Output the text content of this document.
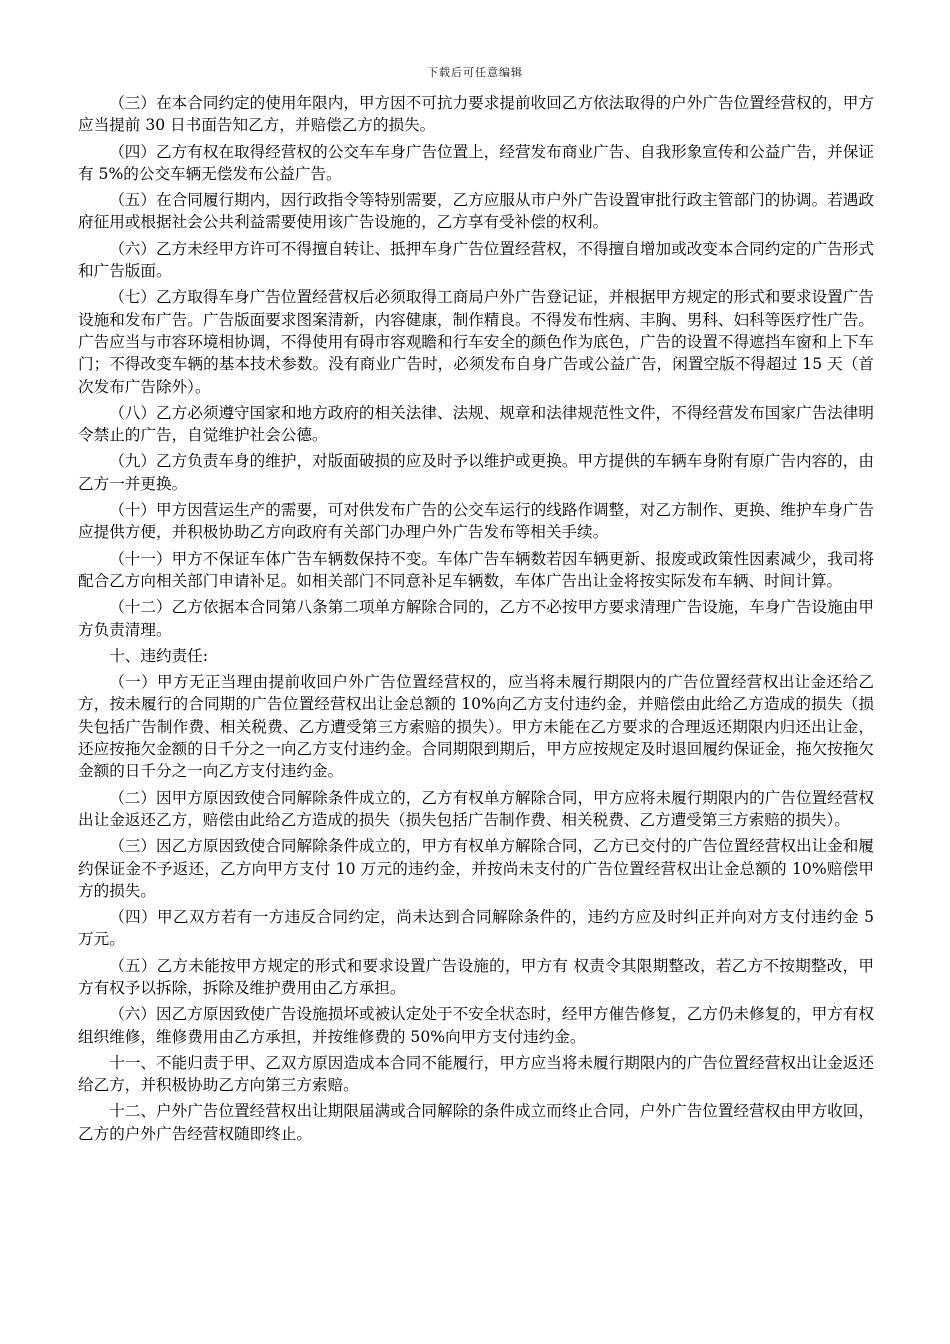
下载后可任意编辑

（三）在本合同约定的使用年限内，甲方因不可抗力要求提前收回乙方依法取得的户外广告位置经营权的，甲方应当提前 30 日书面告知乙方，并赔偿乙方的损失。

（四）乙方有权在取得经营权的公交车车身广告位置上，经营发布商业广告、自我形象宣传和公益广告，并保证有 5%的公交车辆无偿发布公益广告。

（五）在合同履行期内，因行政指令等特别需要，乙方应服从市户外广告设置审批行政主管部门的协调。若遇政府征用或根据社会公共利益需要使用该广告设施的，乙方享有受补偿的权利。

（六）乙方未经甲方许可不得擅自转让、抵押车身广告位置经营权，不得擅自增加或改变本合同约定的广告形式和广告版面。

（七）乙方取得车身广告位置经营权后必须取得工商局户外广告登记证，并根据甲方规定的形式和要求设置广告设施和发布广告。广告版面要求图案清新，内容健康，制作精良。不得发布性病、丰胸、男科、妇科等医疗性广告。广告应当与市容环境相协调，不得使用有碍市容观瞻和行车安全的颜色作为底色，广告的设置不得遮挡车窗和上下车门；不得改变车辆的基本技术参数。没有商业广告时，必须发布自身广告或公益广告，闲置空版不得超过 15 天（首次发布广告除外）。

（八）乙方必须遵守国家和地方政府的相关法律、法规、规章和法律规范性文件，不得经营发布国家广告法律明令禁止的广告，自觉维护社会公德。

（九）乙方负责车身的维护，对版面破损的应及时予以维护或更换。甲方提供的车辆车身附有原广告内容的，由乙方一并更换。

（十）甲方因营运生产的需要，可对供发布广告的公交车运行的线路作调整，对乙方制作、更换、维护车身广告应提供方便，并积极协助乙方向政府有关部门办理户外广告发布等相关手续。

（十一）甲方不保证车体广告车辆数保持不变。车体广告车辆数若因车辆更新、报废或政策性因素减少，我司将配合乙方向相关部门申请补足。如相关部门不同意补足车辆数，车体广告出让金将按实际发布车辆、时间计算。

（十二）乙方依据本合同第八条第二项单方解除合同的，乙方不必按甲方要求清理广告设施，车身广告设施由甲方负责清理。

十、违约责任:

（一）甲方无正当理由提前收回户外广告位置经营权的，应当将未履行期限内的广告位置经营权出让金还给乙方，按未履行的合同期的广告位置经营权出让金总额的 10%向乙方支付违约金，并赔偿由此给乙方造成的损失（损失包括广告制作费、相关税费、乙方遭受第三方索赔的损失）。甲方未能在乙方要求的合理返还期限内归还出让金，还应按拖欠金额的日千分之一向乙方支付违约金。合同期限到期后，甲方应按规定及时退回履约保证金，拖欠按拖欠金额的日千分之一向乙方支付违约金。

（二）因甲方原因致使合同解除条件成立的，乙方有权单方解除合同，甲方应将未履行期限内的广告位置经营权出让金返还乙方，赔偿由此给乙方造成的损失（损失包括广告制作费、相关税费、乙方遭受第三方索赔的损失）。

（三）因乙方原因致使合同解除条件成立的，甲方有权单方解除合同，乙方已交付的广告位置经营权出让金和履约保证金不予返还，乙方向甲方支付 10 万元的违约金，并按尚未支付的广告位置经营权出让金总额的 10%赔偿甲方的损失。

（四）甲乙双方若有一方违反合同约定，尚未达到合同解除条件的，违约方应及时纠正并向对方支付违约金 5 万元。

（五）乙方未能按甲方规定的形式和要求设置广告设施的，甲方有 权责令其限期整改，若乙方不按期整改，甲方有权予以拆除，拆除及维护费用由乙方承担。

（六）因乙方原因致使广告设施损坏或被认定处于不安全状态时，经甲方催告修复，乙方仍未修复的，甲方有权组织维修，维修费用由乙方承担，并按维修费的 50%向甲方支付违约金。

十一、不能归责于甲、乙双方原因造成本合同不能履行，甲方应当将未履行期限内的广告位置经营权出让金返还给乙方，并积极协助乙方向第三方索赔。

十二、户外广告位置经营权出让期限届满或合同解除的条件成立而终止合同，户外广告位置经营权由甲方收回，乙方的户外广告经营权随即终止。
